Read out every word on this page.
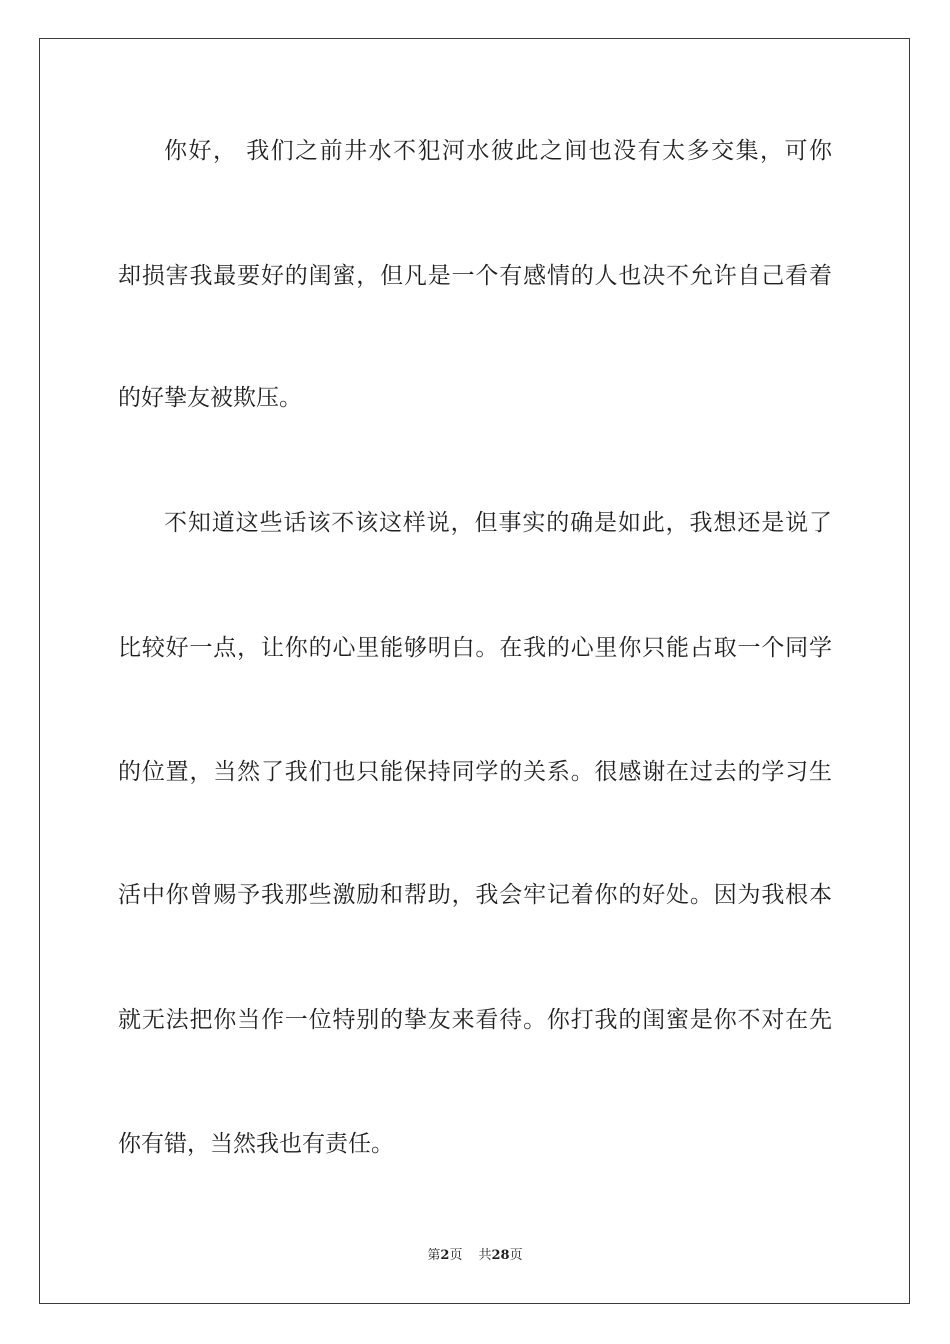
你好， 我们之前井水不犯河水彼此之间也没有太多交集，可你
却损害我最要好的闺蜜，但凡是一个有感情的人也决不允许自己看着
的好挚友被欺压。
不知道这些话该不该这样说，但事实的确是如此，我想还是说了
比较好一点，让你的心里能够明白。在我的心里你只能占取一个同学
的位置，当然了我们也只能保持同学的关系。很感谢在过去的学习生
活中你曾赐予我那些激励和帮助，我会牢记着你的好处。因为我根本
就无法把你当作一位特别的挚友来看待。你打我的闺蜜是你不对在先
你有错，当然我也有责任。
第2页 共28页
